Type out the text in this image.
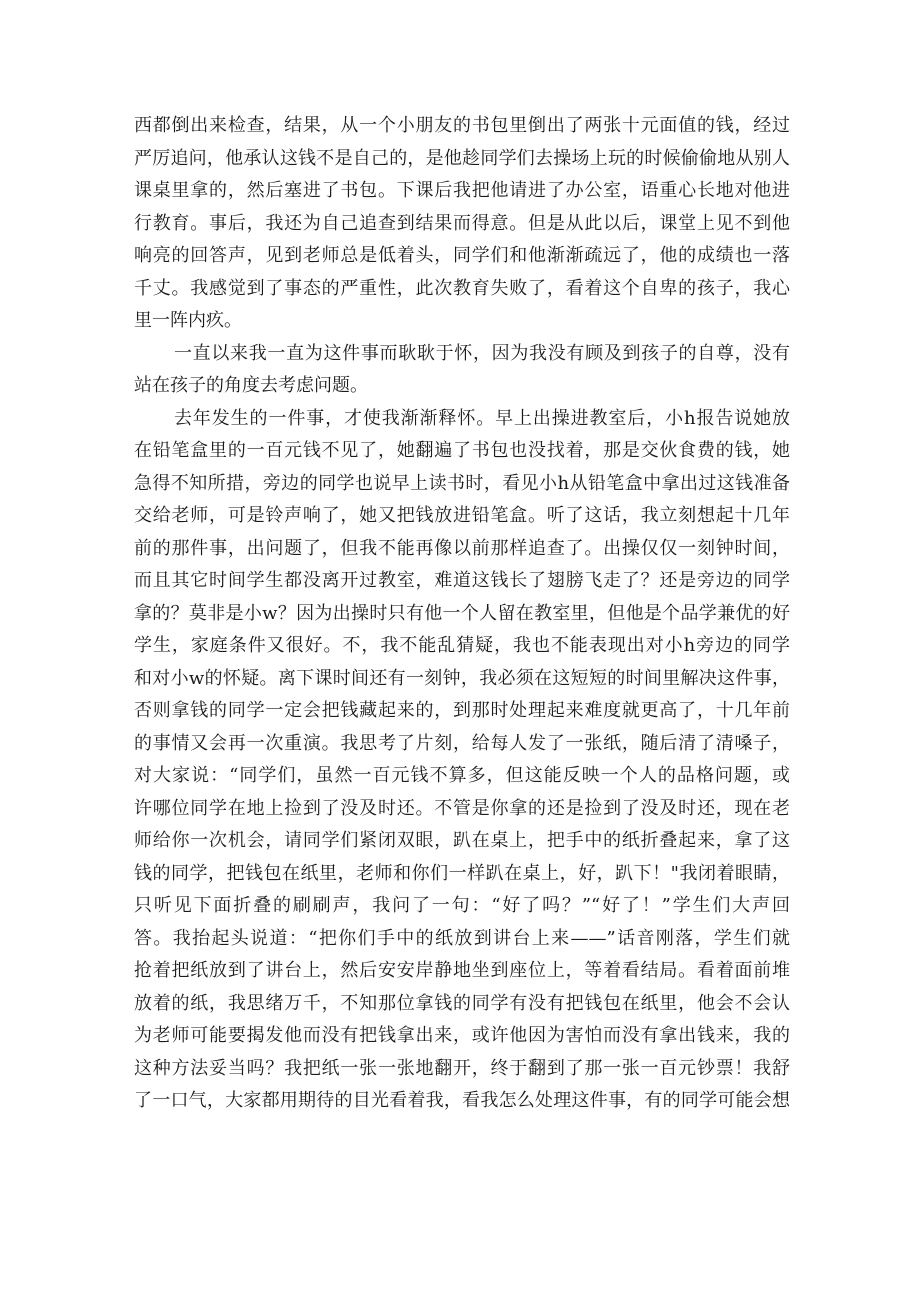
西都倒出来检查，结果，从一个小朋友的书包里倒出了两张十元面值的钱，经过
严厉追问，他承认这钱不是自己的，是他趁同学们去操场上玩的时候偷偷地从别人
课桌里拿的，然后塞进了书包。下课后我把他请进了办公室，语重心长地对他进
行教育。事后，我还为自己追查到结果而得意。但是从此以后，课堂上见不到他
响亮的回答声，见到老师总是低着头，同学们和他渐渐疏远了，他的成绩也一落
千丈。我感觉到了事态的严重性，此次教育失败了，看着这个自卑的孩子，我心
里一阵内疚。
一直以来我一直为这件事而耿耿于怀，因为我没有顾及到孩子的自尊，没有
站在孩子的角度去考虑问题。
去年发生的一件事，才使我渐渐释怀。早上出操进教室后，小h报告说她放
在铅笔盒里的一百元钱不见了，她翻遍了书包也没找着，那是交伙食费的钱，她
急得不知所措，旁边的同学也说早上读书时，看见小h从铅笔盒中拿出过这钱准备
交给老师，可是铃声响了，她又把钱放进铅笔盒。听了这话，我立刻想起十几年
前的那件事，出问题了，但我不能再像以前那样追查了。出操仅仅一刻钟时间，
而且其它时间学生都没离开过教室，难道这钱长了翅膀飞走了？还是旁边的同学
拿的？莫非是小w？因为出操时只有他一个人留在教室里，但他是个品学兼优的好
学生，家庭条件又很好。不，我不能乱猜疑，我也不能表现出对小h旁边的同学
和对小w的怀疑。离下课时间还有一刻钟，我必须在这短短的时间里解决这件事，
否则拿钱的同学一定会把钱藏起来的，到那时处理起来难度就更高了，十几年前
的事情又会再一次重演。我思考了片刻，给每人发了一张纸，随后清了清嗓子，
对大家说：“同学们，虽然一百元钱不算多，但这能反映一个人的品格问题，或
许哪位同学在地上捡到了没及时还。不管是你拿的还是捡到了没及时还，现在老
师给你一次机会，请同学们紧闭双眼，趴在桌上，把手中的纸折叠起来，拿了这
钱的同学，把钱包在纸里，老师和你们一样趴在桌上，好，趴下！"我闭着眼睛，
只听见下面折叠的刷刷声，我问了一句：“好了吗？”“好了！”学生们大声回
答。我抬起头说道：“把你们手中的纸放到讲台上来——”话音刚落，学生们就
抢着把纸放到了讲台上，然后安安岸静地坐到座位上，等着看结局。看着面前堆
放着的纸，我思绪万千，不知那位拿钱的同学有没有把钱包在纸里，他会不会认
为老师可能要揭发他而没有把钱拿出来，或许他因为害怕而没有拿出钱来，我的
这种方法妥当吗？我把纸一张一张地翻开，终于翻到了那一张一百元钞票！我舒
了一口气，大家都用期待的目光看着我，看我怎么处理这件事，有的同学可能会想
